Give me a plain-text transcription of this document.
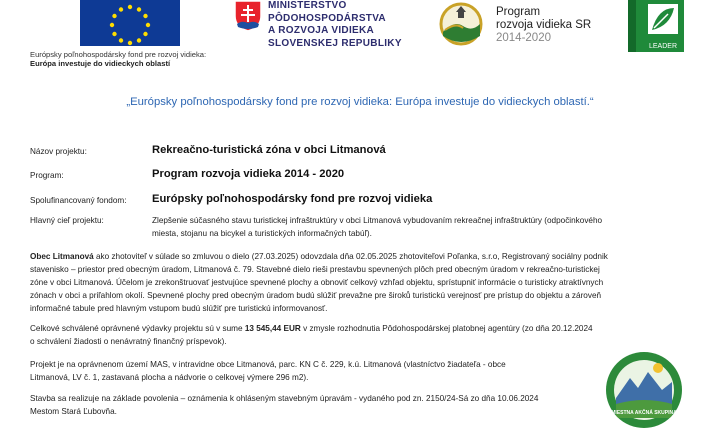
Európsky poľnohospodársky fond pre rozvoj vidieka:
Európa investuje do vidieckych oblastí
MINISTERSTVO
PÔDOHOSPODÁRSTVA
A ROZVOJA VIDIEKA
SLOVENSKEJ REPUBLIKY
Program
rozvoja vidieka SR
2014-2020
LEADER
„Európsky poľnohospodársky fond pre rozvoj vidieka: Európa investuje do vidieckych oblastí.“
Názov projektu:	Rekreačno-turistická zóna v obci Litmanová
Program:	Program rozvoja vidieka 2014 - 2020
Spolufinancovaný fondom: Európsky poľnohospodársky fond pre rozvoj vidieka
Hlavný cieľ projektu:	Zlepšenie súčasného stavu turistickej infraštruktúry v obci Litmanová vybudovaním rekreačnej infraštruktúry (odpočinkového
miesta, stojanu na bicykel a turistických informačných tabúľ).
Obec Litmanová ako zhotoviteľ v súlade so zmluvou o dielo (27.03.2025) odovzdala dňa 02.05.2025 zhotoviteľovi Poľanka, s.r.o, Registrovaný sociálny podnik
stavenisko – priestor pred obecným úradom, Litmanová č. 79. Stavebné dielo rieši prestavbu spevnených plôch pred obecným úradom v rekreačno-turistickej
zóne v obci Litmanová. Účelom je zrekonštruovať jestvujúce spevnené plochy a obnoviť celkový vzhľad objektu, sprístupniť informácie o turisticky atraktívnych
zónach v obci a priľahlom okolí. Spevnené plochy pred obecným úradom budú slúžiť prevažne pre široků turistickú verejnosť pre prístup do objektu a zároveň
informačné tabule pred hlavným vstupom budú slúžiť pre turistickú informovanosť.
Celkové schválené oprávnené výdavky projektu sú v sume 13 545,44 EUR v zmysle rozhodnutia Pôdohospodárskej platobnej agentúry (zo dňa 20.12.2024
o schválení žiadosti o nenávratný finančný príspevok).
Projekt je na oprávnenom území MAS, v intravidne obce Litmanová, parc. KN C č. 229, k.ú. Litmanová (vlastníctvo žiadateľa - obce
Litmanová, LV č. 1, zastavaná plocha a nádvorie o celkovej výmere 296 m2).
Stavba sa realizuje na základe povolenia – oznámenia k ohláseným stavebným úpravám - vydaného pod zn. 2150/24-Sá zo dňa 10.06.2024
Mestom Stará Ľubovňa.	MIESTNA AKČNÁ SKUPINA
